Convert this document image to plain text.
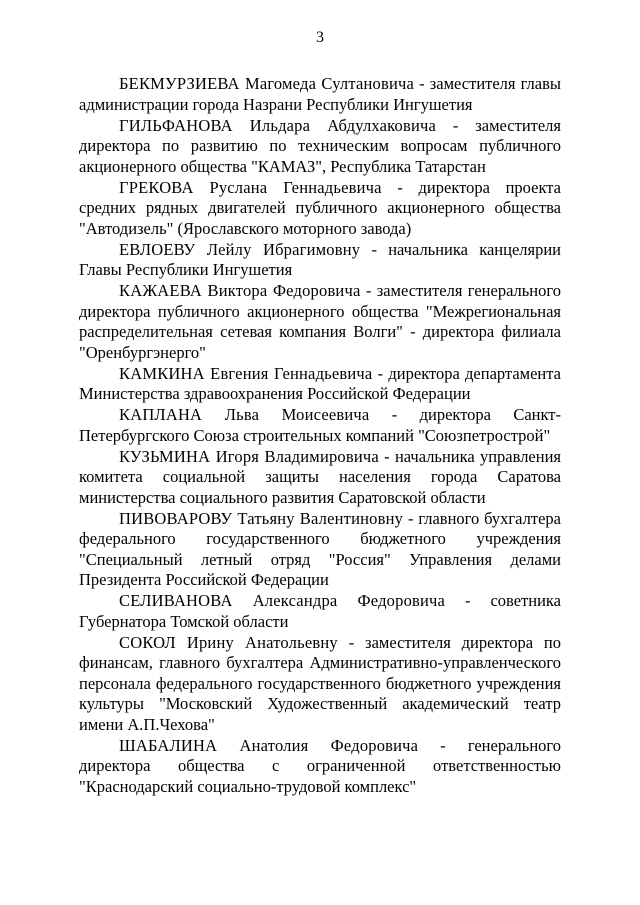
3

БЕКМУРЗИЕВА Магомеда Султановича - заместителя главы администрации города Назрани Республики Ингушетия

ГИЛЬФАНОВА Ильдара Абдулхаковича - заместителя директора по развитию по техническим вопросам публичного акционерного общества "КАМАЗ", Республика Татарстан

ГРЕКОВА Руслана Геннадьевича - директора проекта средних рядных двигателей публичного акционерного общества "Автодизель" (Ярославского моторного завода)

ЕВЛОЕВУ Лейлу Ибрагимовну - начальника канцелярии Главы Республики Ингушетия

КАЖАЕВА Виктора Федоровича - заместителя генерального директора публичного акционерного общества "Межрегиональная распределительная сетевая компания Волги" - директора филиала "Оренбургэнерго"

КАМКИНА Евгения Геннадьевича - директора департамента Министерства здравоохранения Российской Федерации

КАПЛАНА Льва Моисеевича - директора Санкт-Петербургского Союза строительных компаний "Союзпетрострой"

КУЗЬМИНА Игоря Владимировича - начальника управления комитета социальной защиты населения города Саратова министерства социального развития Саратовской области

ПИВОВАРОВУ Татьяну Валентиновну - главного бухгалтера федерального государственного бюджетного учреждения "Специальный летный отряд "Россия" Управления делами Президента Российской Федерации

СЕЛИВАНОВА Александра Федоровича - советника Губернатора Томской области

СОКОЛ Ирину Анатольевну - заместителя директора по финансам, главного бухгалтера Административно-управленческого персонала федерального государственного бюджетного учреждения культуры "Московский Художественный академический театр имени А.П.Чехова"

ШАБАЛИНА Анатолия Федоровича - генерального директора общества с ограниченной ответственностью "Краснодарский социально-трудовой комплекс"
